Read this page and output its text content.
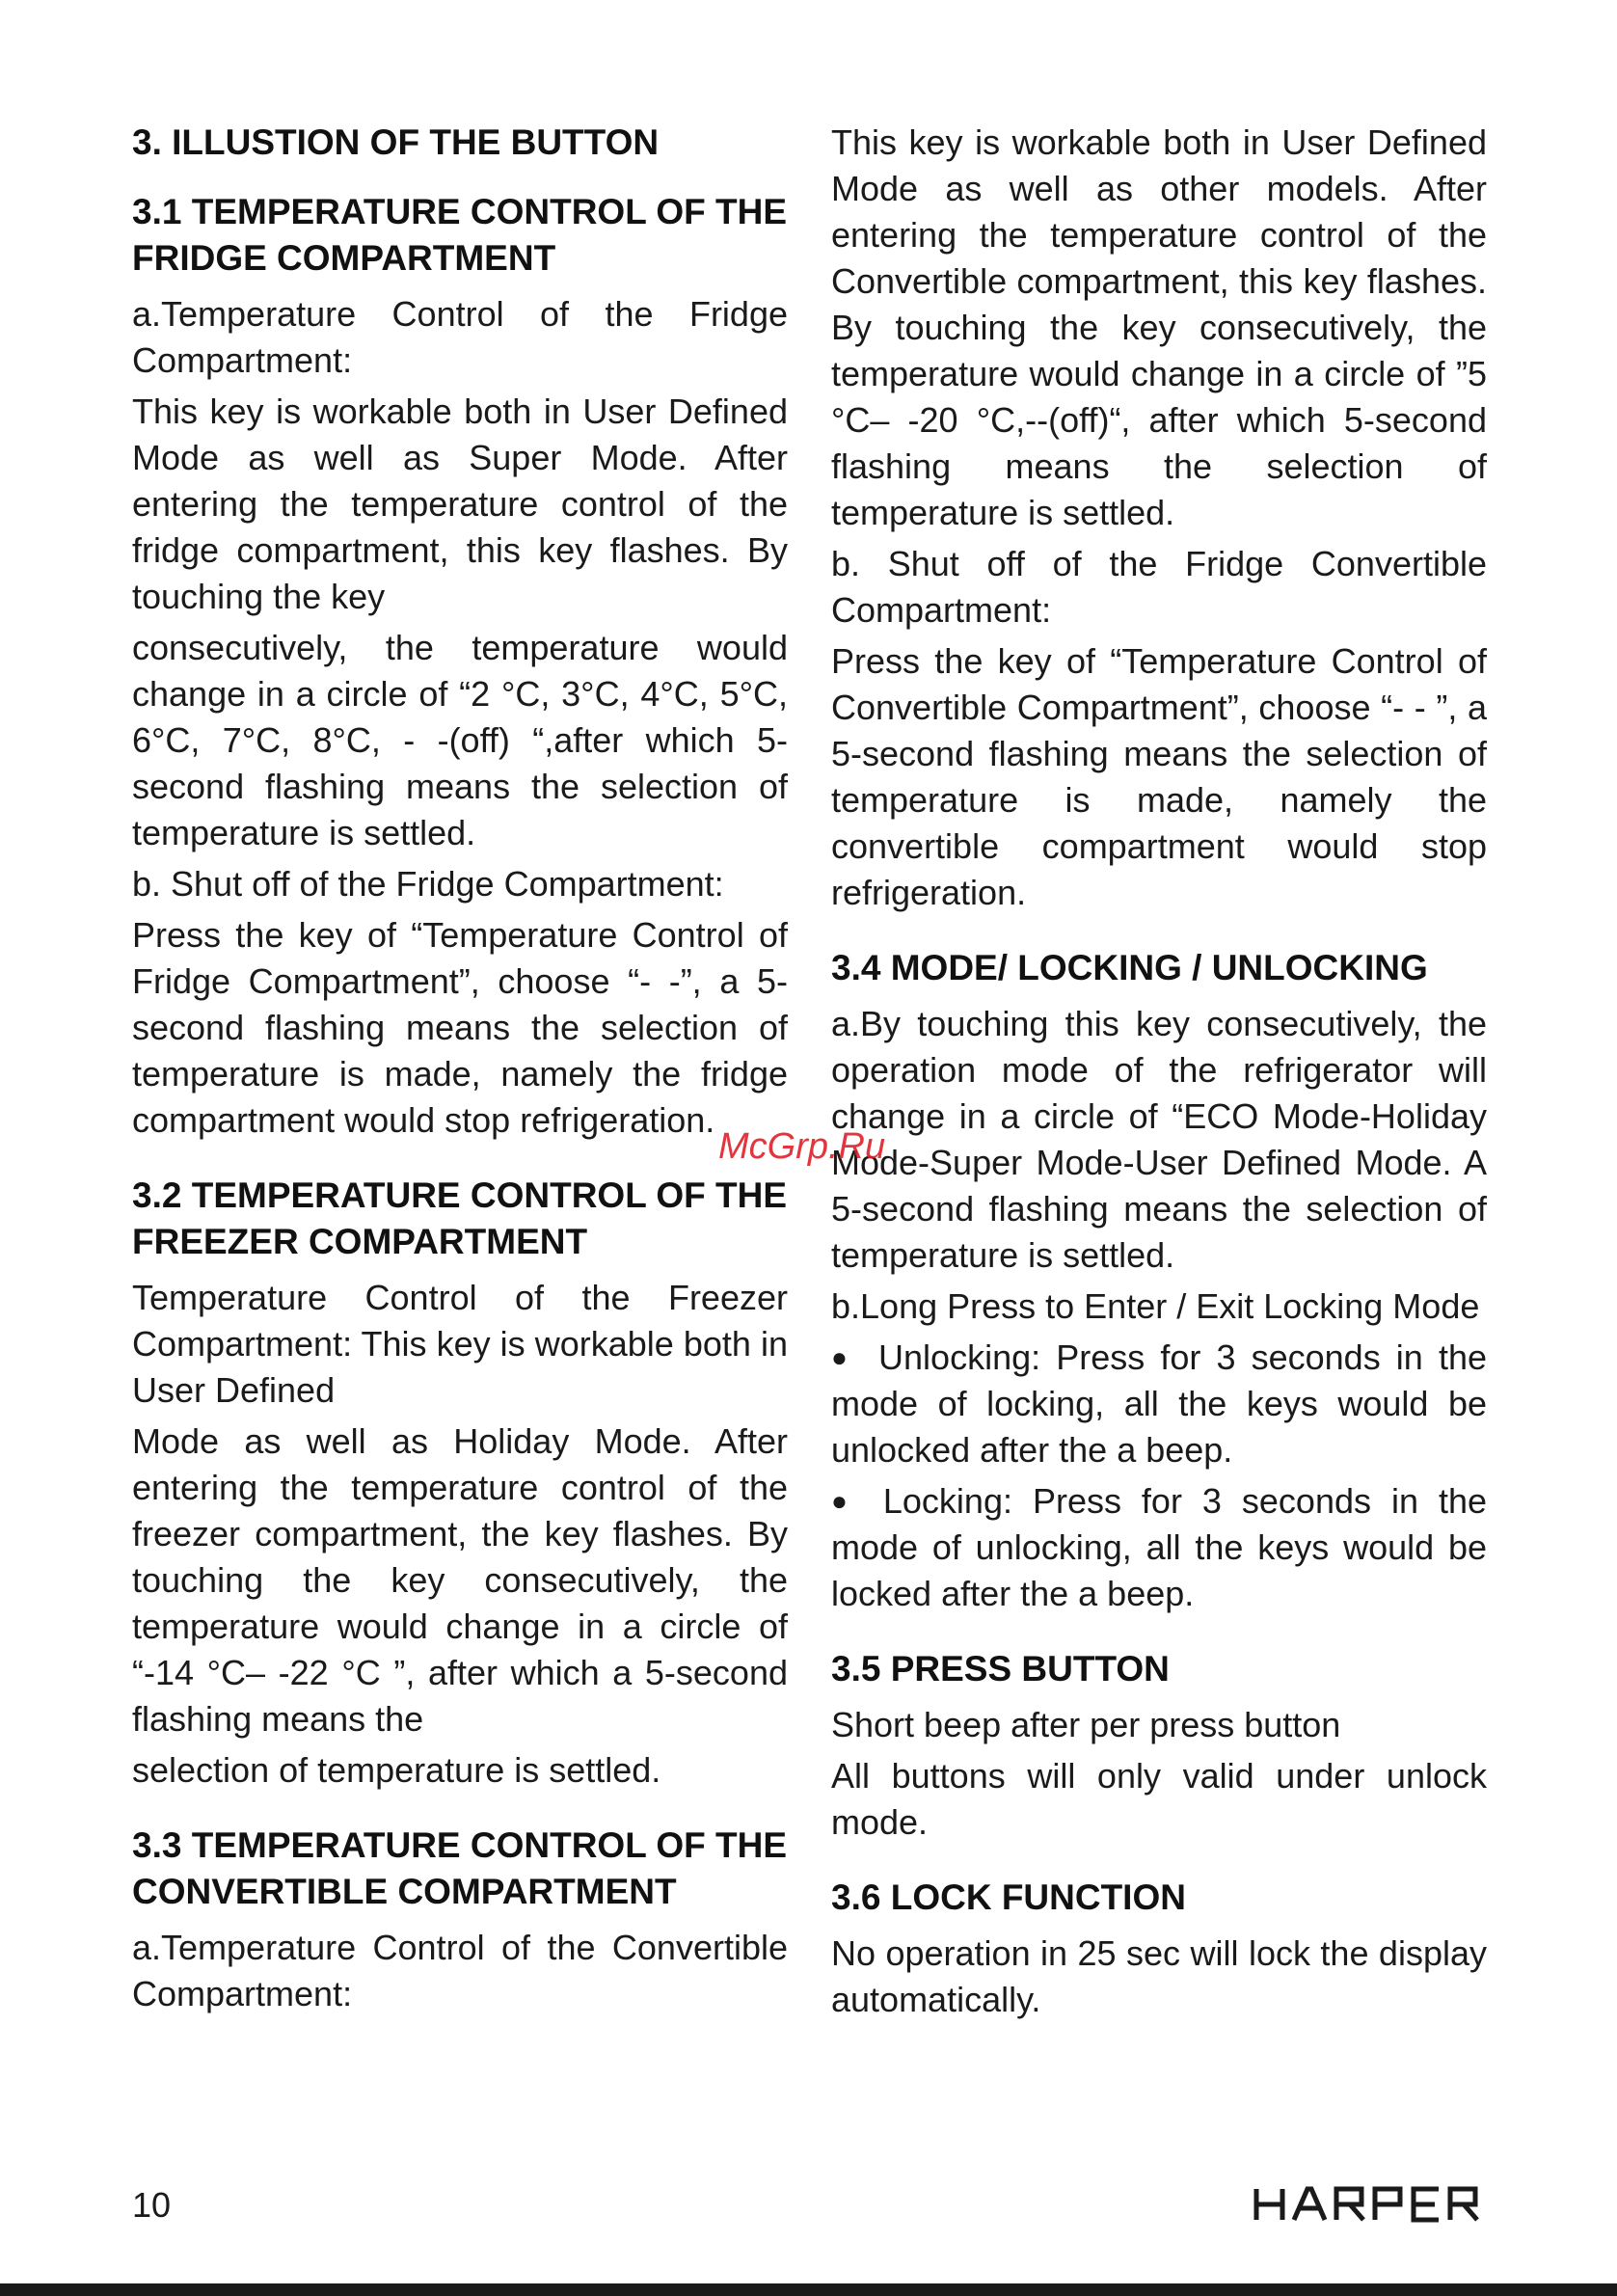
3. ILLUSTION OF THE BUTTON
3.1 TEMPERATURE CONTROL OF THE FRIDGE COMPARTMENT

a.Temperature Control of the Fridge Compartment:

This key is workable both in User Defined Mode as well as Super Mode. After entering the temperature control of the fridge compartment, this key flashes. By touching the key

consecutively, the temperature would change in a circle of “2 °C, 3°C, 4°C, 5°C, 6°C, 7°C, 8°C, - -(off) “,after which 5-second flashing means the selection of temperature is settled.

b. Shut off of the Fridge Compartment:

Press the key of “Temperature Control of Fridge Compartment”, choose “- -”, a 5-second flashing means the selection of temperature is made, namely the fridge compartment would stop refrigeration.

3.2 TEMPERATURE CONTROL OF THE FREEZER COMPARTMENT

Temperature Control of the Freezer Compartment: This key is workable both in User Defined

Mode as well as Holiday Mode. After entering the temperature control of the freezer compartment, the key flashes. By touching the key consecutively, the temperature would change in a circle of “-14 °C– -22 °C ”, after which a 5-second flashing means the

selection of temperature is settled.

3.3 TEMPERATURE CONTROL OF THE CONVERTIBLE COMPARTMENT

a.Temperature Control of the Convertible Compartment:

This key is workable both in User Defined Mode as well as other models. After entering the temperature control of the Convertible compartment, this key flashes. By touching the key consecutively, the temperature would change in a circle of ”5 °C– -20 °C,--(off)“, after which 5-second flashing means the selection of temperature is settled.

b. Shut off of the Fridge Convertible Compartment:

Press the key of “Temperature Control of Convertible Compartment”, choose “- - ”, a 5-second flashing means the selection of temperature is made, namely the convertible compartment would stop refrigeration.

3.4 MODE/ LOCKING / UNLOCKING

a.By touching this key consecutively, the operation mode of the refrigerator will change in a circle of “ECO Mode-Holiday Mode-Super Mode-User Defined Mode. A 5-second flashing means the selection of temperature is settled.

b.Long Press to Enter / Exit Locking Mode

● Unlocking: Press for 3 seconds in the mode of locking, all the keys would be unlocked after the a beep.

● Locking: Press for 3 seconds in the mode of unlocking, all the keys would be locked after the a beep.

3.5 PRESS BUTTON

Short beep after per press button

All buttons will only valid under unlock mode.

3.6 LOCK FUNCTION

No operation in 25 sec will lock the display automatically.

McGrp.Ru
10
